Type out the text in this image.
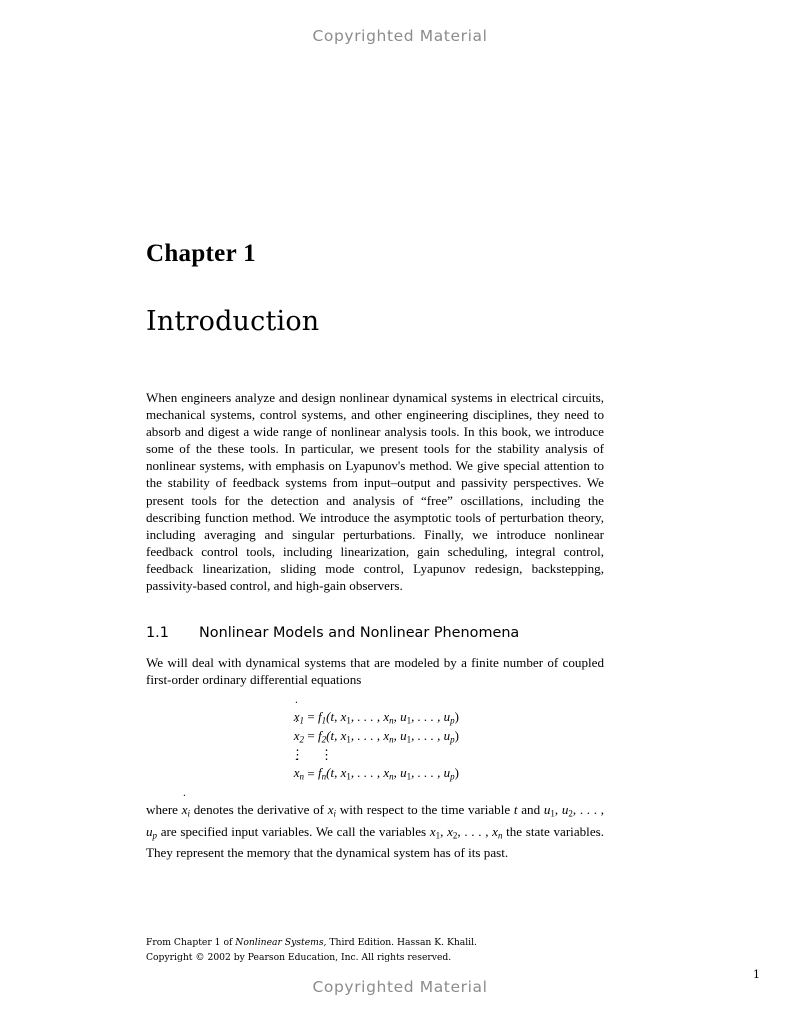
Copyrighted Material
Chapter 1
Introduction

When engineers analyze and design nonlinear dynamical systems in electrical circuits, mechanical systems, control systems, and other engineering disciplines, they need to absorb and digest a wide range of nonlinear analysis tools. In this book, we introduce some of the these tools. In particular, we present tools for the stability analysis of nonlinear systems, with emphasis on Lyapunov's method. We give special attention to the stability of feedback systems from input–output and passivity perspectives. We present tools for the detection and analysis of “free” oscillations, including the describing function method. We introduce the asymptotic tools of perturbation theory, including averaging and singular perturbations. Finally, we introduce nonlinear feedback control tools, including linearization, gain scheduling, integral control, feedback linearization, sliding mode control, Lyapunov redesign, backstepping, passivity-based control, and high-gain observers.

1.1	Nonlinear Models and Nonlinear Phenomena

We will deal with dynamical systems that are modeled by a finite number of coupled first-order ordinary differential equations

˙ $x_1$	=	$f_1(t$, x1, . . . , $x_n$, u1, . . . , $u_p$)
˙ $x_2$	=	$f_2(t$, x1, . . . , $x_n$, u1, . . . , $u_p$)
⋮		⋮
˙ $x_n$	=	$f_n(t$, x1, . . . , $x_n$, u1, . . . , $u_p$)

where ˙ $x_i$ denotes the derivative of $x_i$ with respect to the time variable t and u1, u2, . . . , $u_p$ are specified input variables. We call the variables x1, x2, . . . , $x_n$ the state variables. They represent the memory that the dynamical system has of its past.

From Chapter 1 of Nonlinear Systems, Third Edition. Hassan K. Khalil.
Copyright © 2002 by Pearson Education, Inc. All rights reserved.
1
Copyrighted Material
